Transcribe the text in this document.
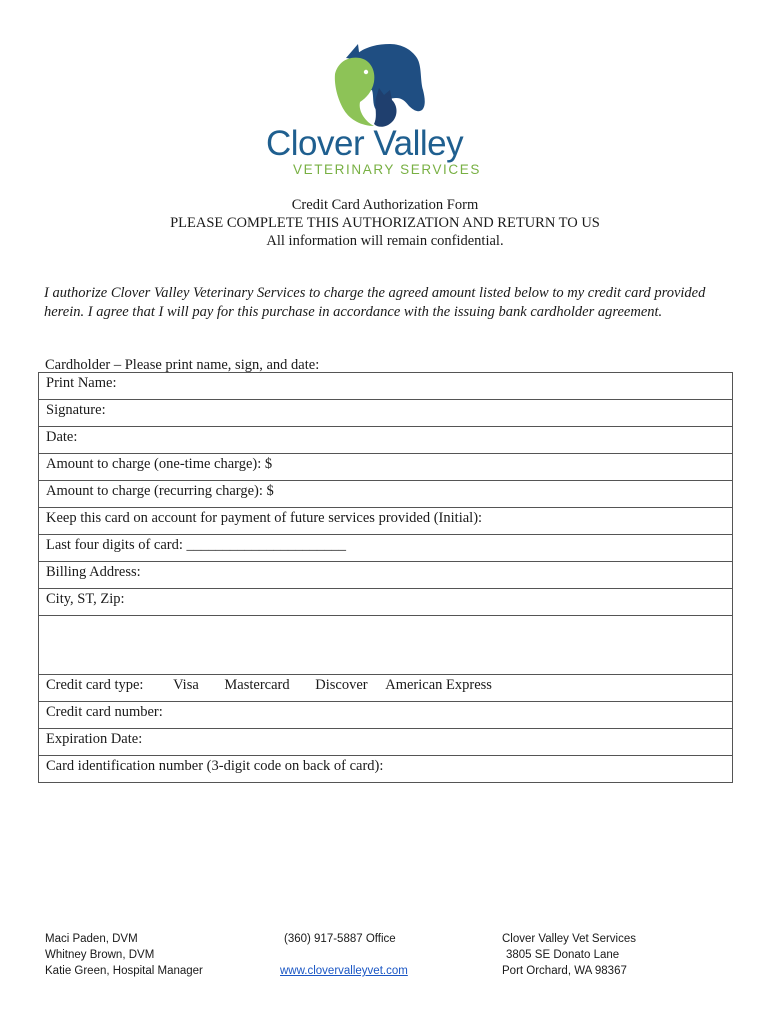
Clover Valley
VETERINARY SERVICES
Credit Card Authorization Form
PLEASE COMPLETE THIS AUTHORIZATION AND RETURN TO US
All information will remain confidential.
I authorize Clover Valley Veterinary Services to charge the agreed amount listed below to my credit card provided herein. I agree that I will pay for this purchase in accordance with the issuing bank cardholder agreement.
Cardholder – Please print name, sign, and date:
Print Name:
Signature:
Date:
Amount to charge (one-time charge): $
Amount to charge (recurring charge): $
Keep this card on account for payment of future services provided (Initial):
Last four digits of card: ______________________
Billing Address:
City, ST, Zip:

Credit card type: Visa Mastercard Discover American Express
Credit card number:
Expiration Date:
Card identification number (3-digit code on back of card):
Maci Paden, DVM
Whitney Brown, DVM
Katie Green, Hospital Manager
(360) 917-5887 Office
www.clovervalleyvet.com
Clover Valley Vet Services
3805 SE Donato Lane
Port Orchard, WA 98367
